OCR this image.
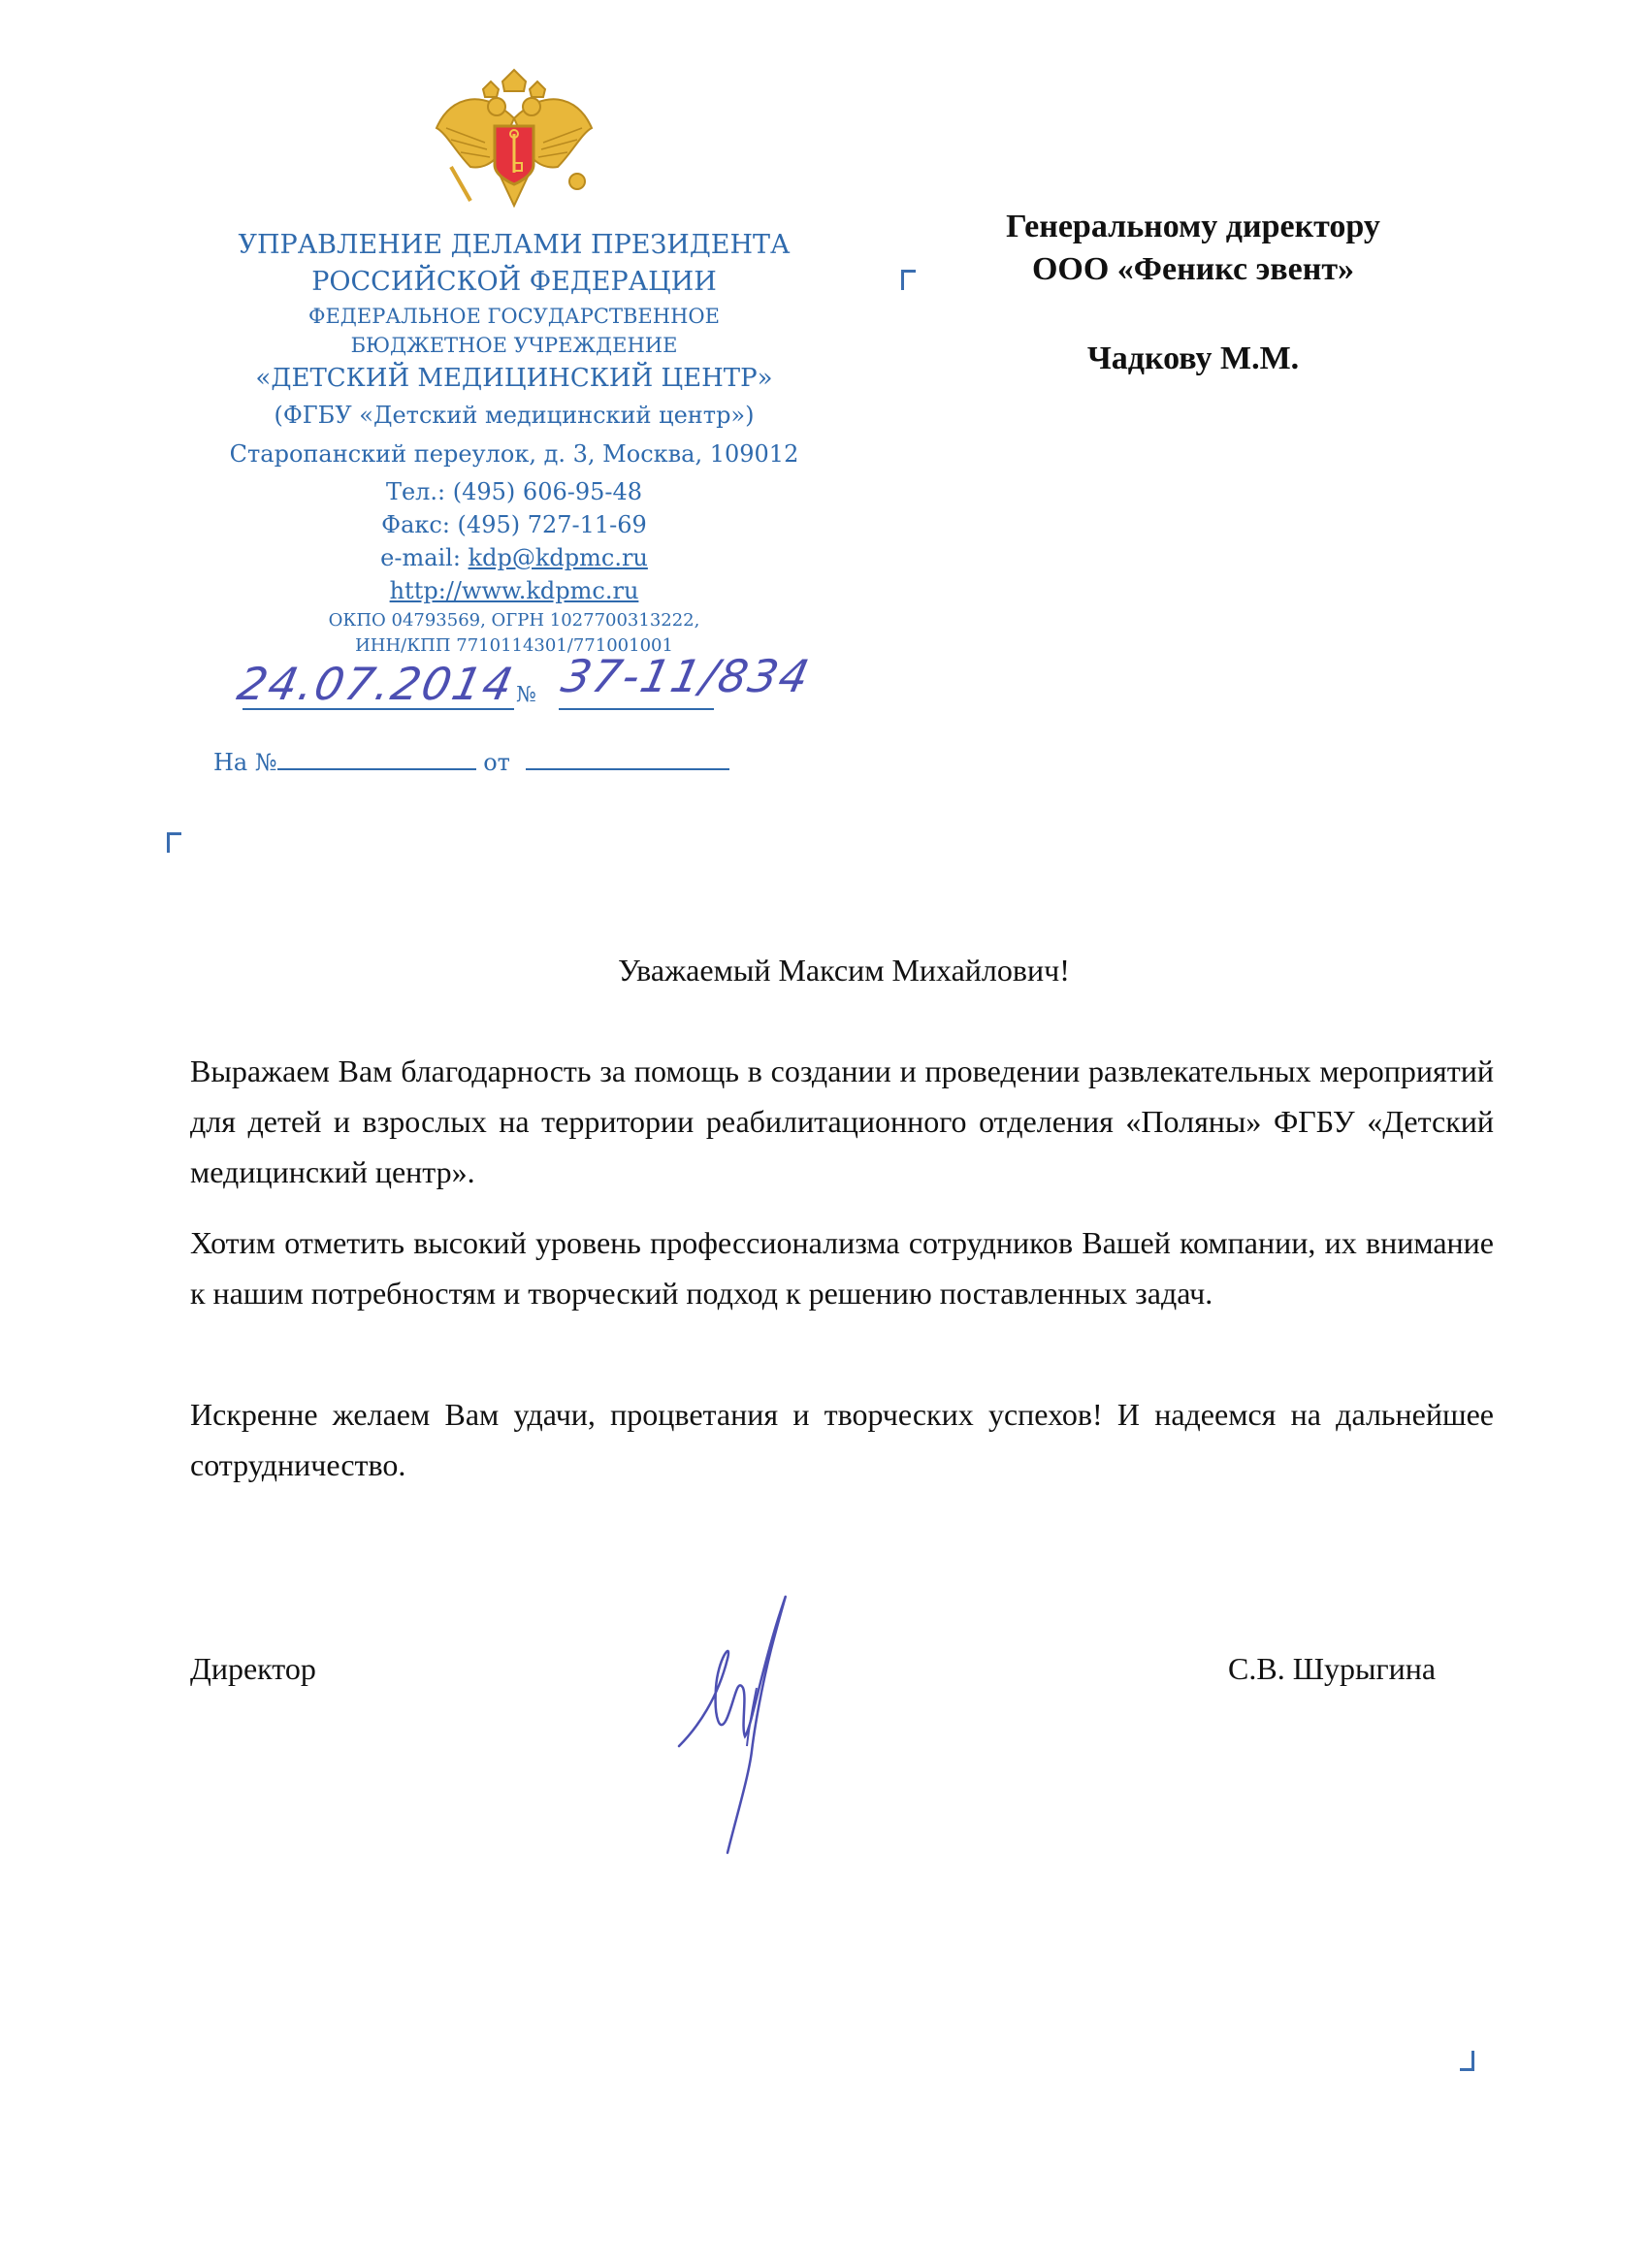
УПРАВЛЕНИЕ ДЕЛАМИ ПРЕЗИДЕНТА
РОССИЙСКОЙ ФЕДЕРАЦИИ
ФЕДЕРАЛЬНОЕ ГОСУДАРСТВЕННОЕ
БЮДЖЕТНОЕ УЧРЕЖДЕНИЕ
«ДЕТСКИЙ МЕДИЦИНСКИЙ ЦЕНТР»
(ФГБУ «Детский медицинский центр»)
Старопанский переулок, д. 3, Москва, 109012
Тел.: (495) 606-95-48
Факс: (495) 727-11-69
e-mail: kdp@kdpmc.ru
http://www.kdpmc.ru
ОКПО 04793569, ОГРН 1027700313222,
ИНН/КПП 7710114301/771001001
24.07.2014
№ 37-11/834
На №	от
Генеральному директору
ООО «Феникс эвент»
Чадкову М.М.
Уважаемый Максим Михайлович!
Выражаем Вам благодарность за помощь в создании и проведении развлекательных мероприятий для детей и взрослых на территории реабилитационного отделения «Поляны» ФГБУ «Детский медицинский центр».
Хотим отметить высокий уровень профессионализма сотрудников Вашей компании, их внимание к нашим потребностям и творческий подход к решению поставленных задач.
Искренне желаем Вам удачи, процветания и творческих успехов! И надеемся на дальнейшее сотрудничество.
Директор	С.В. Шурыгина
